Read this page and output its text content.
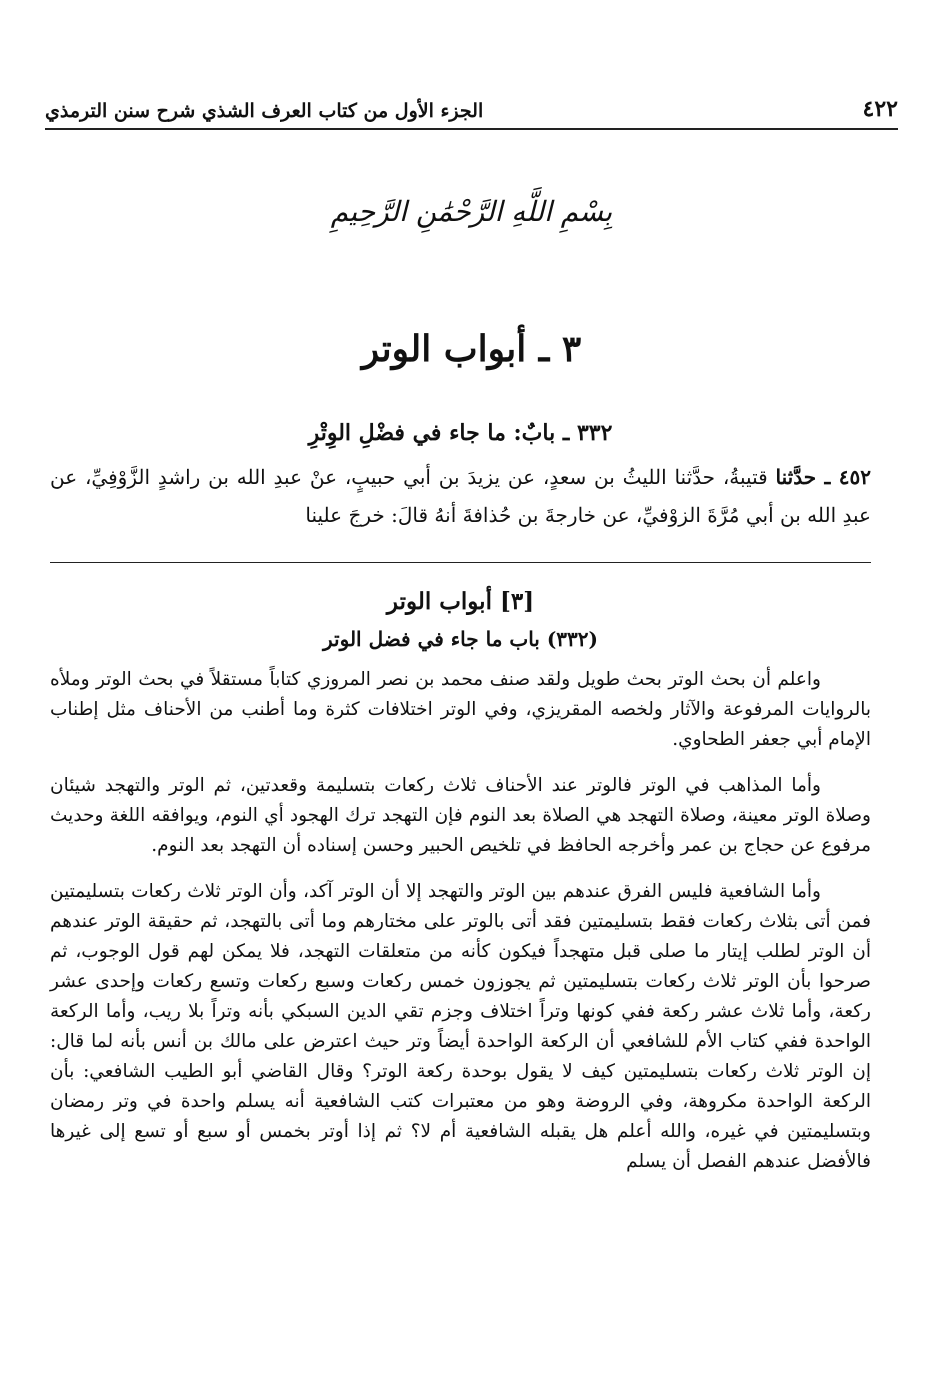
٤٢٢
الجزء الأول من كتاب العرف الشذي شرح سنن الترمذي
بِسْمِ اللَّهِ الرَّحْمَٰنِ الرَّحِيمِ
٣ ـ أبواب الوتر
٣٣٢ ـ بابٌ: ما جاء في فضْلِ الوِتْرِ
٤٥٢ ـ حدَّثنا قتيبةُ، حدَّثنا الليثُ بن سعدٍ، عن يزيدَ بن أبي حبيبٍ، عنْ عبدِ الله بن راشدٍ الزَّوْفِيِّ، عن عبدِ الله بن أبي مُرَّةَ الزوْفيِّ، عن خارجةَ بن حُذافةَ أنهُ قالَ: خرجَ علينا
[٣] أبواب الوتر
(٣٣٢) باب ما جاء في فضل الوتر

واعلم أن بحث الوتر بحث طويل ولقد صنف محمد بن نصر المروزي كتاباً مستقلاً في بحث الوتر وملأه بالروايات المرفوعة والآثار ولخصه المقريزي، وفي الوتر اختلافات كثرة وما أطنب من الأحناف مثل إطناب الإمام أبي جعفر الطحاوي.

وأما المذاهب في الوتر فالوتر عند الأحناف ثلاث ركعات بتسليمة وقعدتين، ثم الوتر والتهجد شيئان وصلاة الوتر معينة، وصلاة التهجد هي الصلاة بعد النوم فإن التهجد ترك الهجود أي النوم، ويوافقه اللغة وحديث مرفوع عن حجاج بن عمر وأخرجه الحافظ في تلخيص الحبير وحسن إسناده أن التهجد بعد النوم.

وأما الشافعية فليس الفرق عندهم بين الوتر والتهجد إلا أن الوتر آكد، وأن الوتر ثلاث ركعات بتسليمتين فمن أتى بثلاث ركعات فقط بتسليمتين فقد أتى بالوتر على مختارهم وما أتى بالتهجد، ثم حقيقة الوتر عندهم أن الوتر لطلب إيتار ما صلى قبل متهجداً فيكون كأنه من متعلقات التهجد، فلا يمكن لهم قول الوجوب، ثم صرحوا بأن الوتر ثلاث ركعات بتسليمتين ثم يجوزون خمس ركعات وسبع ركعات وتسع ركعات وإحدى عشر ركعة، وأما ثلاث عشر ركعة ففي كونها وتراً اختلاف وجزم تقي الدين السبكي بأنه وتراً بلا ريب، وأما الركعة الواحدة ففي كتاب الأم للشافعي أن الركعة الواحدة أيضاً وتر حيث اعترض على مالك بن أنس بأنه لما قال: إن الوتر ثلاث ركعات بتسليمتين كيف لا يقول بوحدة ركعة الوتر؟ وقال القاضي أبو الطيب الشافعي: بأن الركعة الواحدة مكروهة، وفي الروضة وهو من معتبرات كتب الشافعية أنه يسلم واحدة في وتر رمضان وبتسليمتين في غيره، والله أعلم هل يقبله الشافعية أم لا؟ ثم إذا أوتر بخمس أو سبع أو تسع إلى غيرها فالأفضل عندهم الفصل أن يسلم
